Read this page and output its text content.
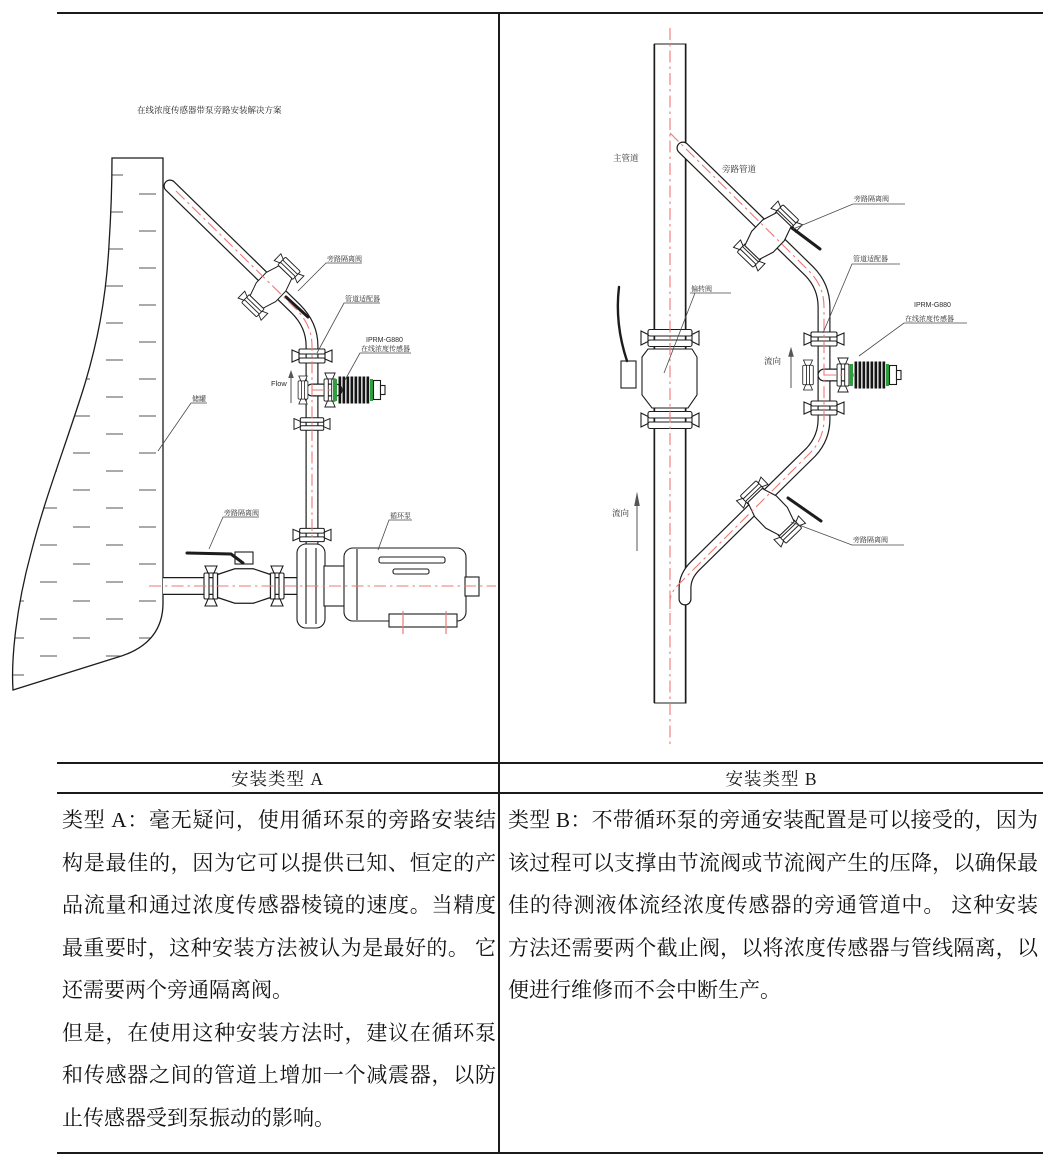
Flow
在线浓度传感器带泵旁路安装解决方案
旁路隔离阀
管道适配器
IPRM-G880
在线浓度传感器
储罐
旁路隔离阀	循环泵
流向
流向
主管道
旁路管道
旁路隔离阀
管道适配器
IPRM-G880
在线浓度传感器
偏转阀
旁路隔离阀
安装类型 A	安装类型 B

类型 A：毫无疑问，使用循环泵的旁路安装结构是最佳的，因为它可以提供已知、恒定的产品流量和通过浓度传感器棱镜的速度。当精度最重要时，这种安装方法被认为是最好的。 它还需要两个旁通隔离阀。

但是，在使用这种安装方法时，建议在循环泵和传感器之间的管道上增加一个减震器，以防止传感器受到泵振动的影响。

类型 B：不带循环泵的旁通安装配置是可以接受的，因为该过程可以支撑由节流阀或节流阀产生的压降，以确保最佳的待测液体流经浓度传感器的旁通管道中。 这种安装方法还需要两个截止阀，以将浓度传感器与管线隔离，以便进行维修而不会中断生产。
